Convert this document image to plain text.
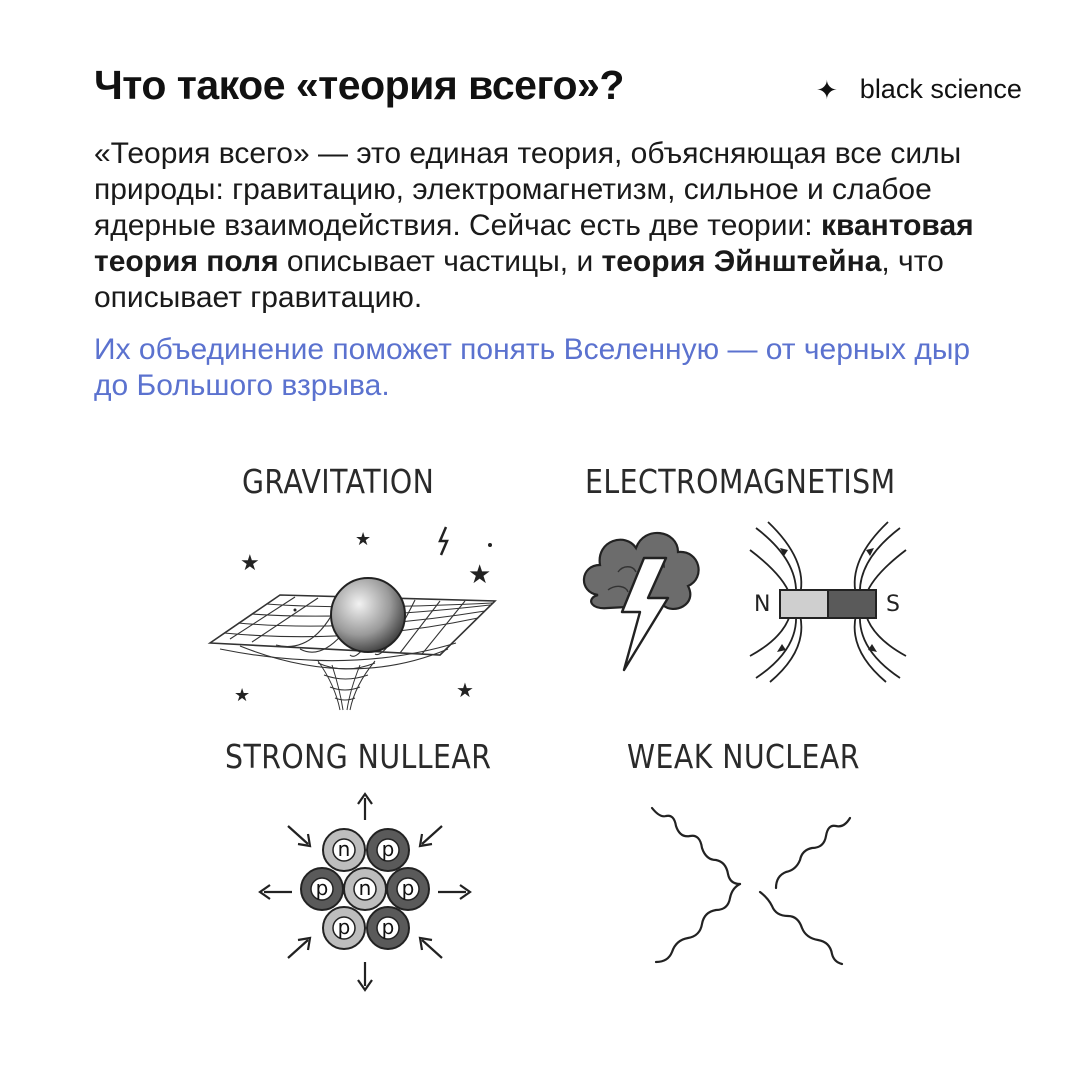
Что такое «теория всего»?	✦ black science
«Теория всего» — это единая теория, объясняющая все силы природы: гравитацию, электромагнетизм, сильное и слабое ядерные взаимодействия. Сейчас есть две теории: квантовая теория поля описывает частицы, и теория Эйнштейна, что описывает гравитацию.
Их объединение поможет понять Вселенную — от черных дыр до Большого взрыва.
GRAVITATION	ELECTROMAGNETISM
STRONG NULLEAR	WEAK NUCLEAR
★
★
★
★	★
N	S
n p
p n p
p p
